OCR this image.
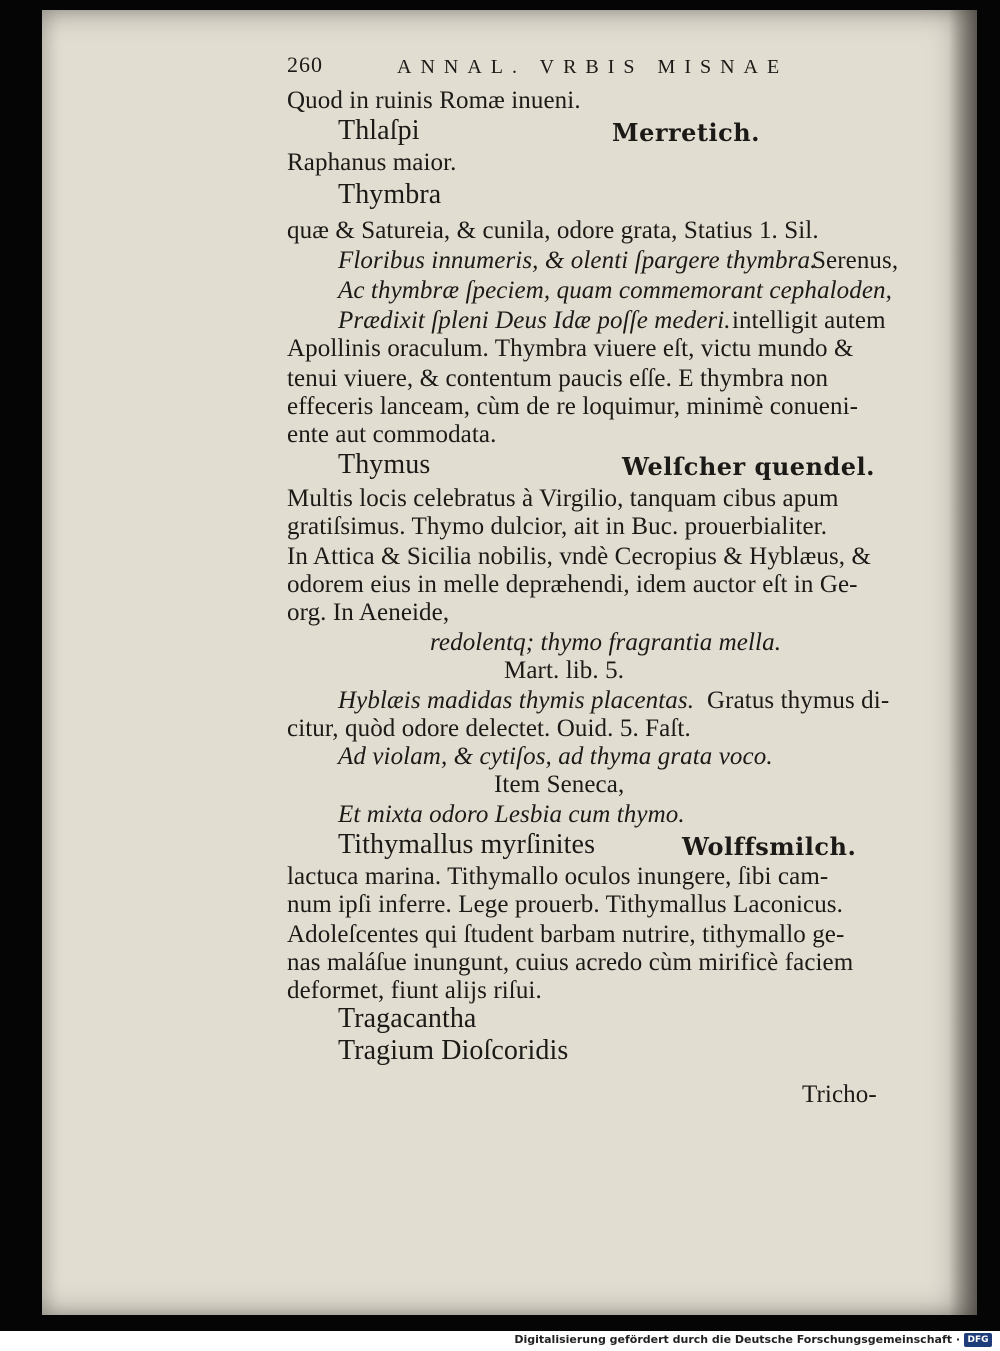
260	ANNAL. VRBIS MISNAE
Quod in ruinis Romæ inueni.
Thlaſpi	Merretich.
Raphanus maior.
Thymbra
quæ & Satureia, & cunila, odore grata, Statius 1. Sil.
Floribus innumeris, & olenti ſpargere thymbra.
Serenus,
Ac thymbræ ſpeciem, quam commemorant cephaloden,
Prædixit ſpleni Deus Idæ poſſe mederi. intelligit autem
Apollinis oraculum. Thymbra viuere eſt, victu mundo &
tenui viuere, & contentum paucis eſſe. E thymbra non
effeceris lanceam, cùm de re loquimur, minimè conueni-
ente aut commodata.
Thymus	Welſcher quendel.
Multis locis celebratus à Virgilio, tanquam cibus apum
gratiſsimus. Thymo dulcior, ait in Buc. prouerbialiter.
In Attica & Sicilia nobilis, vndè Cecropius & Hyblæus, &
odorem eius in melle depræhendi, idem auctor eſt in Ge-
org. In Aeneide,
redolentq; thymo fragrantia mella.
Mart. lib. 5.
Hyblæis madidas thymis placentas. Gratus thymus di-
citur, quòd odore delectet. Ouid. 5. Faſt.
Ad violam, & cytiſos, ad thyma grata voco.
Item Seneca,
Et mixta odoro Lesbia cum thymo.
Tithymallus myrſinites	Wolffsmilch.
lactuca marina. Tithymallo oculos inungere, ſibi cam-
num ipſi inferre. Lege prouerb. Tithymallus Laconicus.
Adoleſcentes qui ſtudent barbam nutrire, tithymallo ge-
nas maláſue inungunt, cuius acredo cùm mirificè faciem
deformet, fiunt alijs riſui.
Tragacantha
Tragium Dioſcoridis
Tricho-
Digitalisierung gefördert durch die Deutsche Forschungsgemeinschaft · DFG
